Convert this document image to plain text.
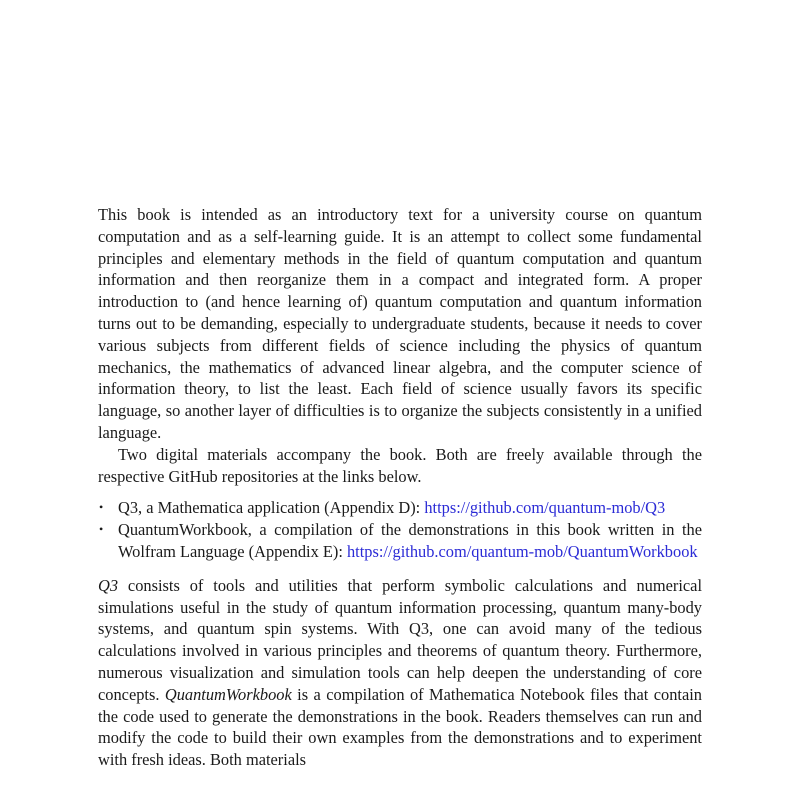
This book is intended as an introductory text for a university course on quantum computation and as a self-learning guide. It is an attempt to collect some fundamental principles and elementary methods in the field of quantum computation and quantum information and then reorganize them in a compact and integrated form. A proper introduction to (and hence learning of) quantum computation and quantum information turns out to be demanding, especially to undergraduate students, because it needs to cover various subjects from different fields of science including the physics of quantum mechanics, the mathematics of advanced linear algebra, and the computer science of information theory, to list the least. Each field of science usually favors its specific language, so another layer of difficulties is to organize the subjects consistently in a unified language.

Two digital materials accompany the book. Both are freely available through the respective GitHub repositories at the links below.

• Q3, a Mathematica application (Appendix D): https://github.com/quantum-mob/Q3
• QuantumWorkbook, a compilation of the demonstrations in this book written in the Wolfram Language (Appendix E): https://github.com/quantum-mob/QuantumWorkbook

Q3 consists of tools and utilities that perform symbolic calculations and numerical simulations useful in the study of quantum information processing, quantum many-body systems, and quantum spin systems. With Q3, one can avoid many of the tedious calculations involved in various principles and theorems of quantum theory. Furthermore, numerous visualization and simulation tools can help deepen the understanding of core concepts. QuantumWorkbook is a compilation of Mathematica Notebook files that contain the code used to generate the demonstrations in the book. Readers themselves can run and modify the code to build their own examples from the demonstrations and to experiment with fresh ideas. Both materials
